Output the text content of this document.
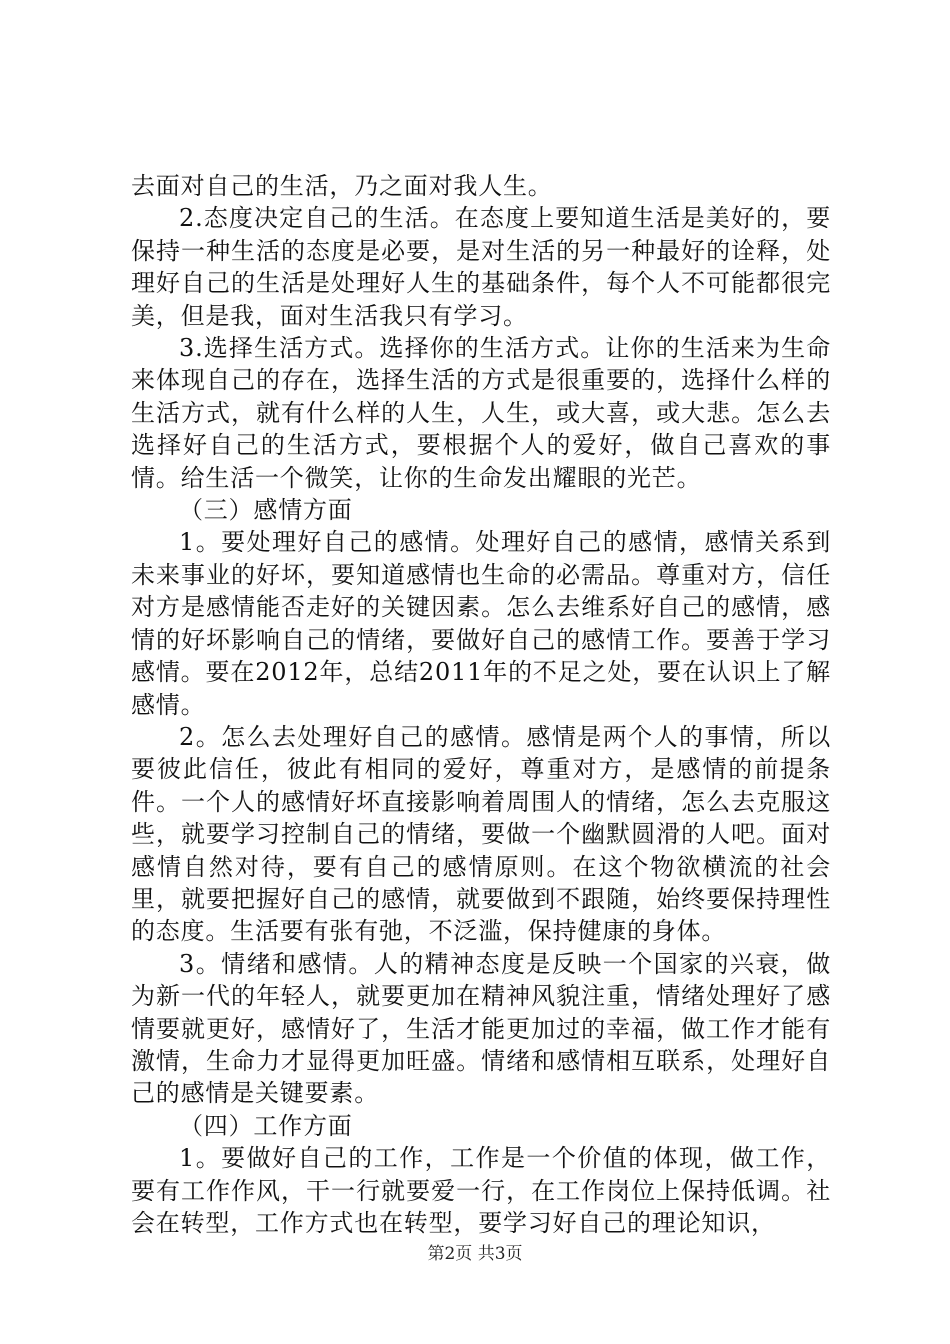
去面对自己的生活，乃之面对我人生。

2.态度决定自己的生活。在态度上要知道生活是美好的，要保持一种生活的态度是必要，是对生活的另一种最好的诠释，处理好自己的生活是处理好人生的基础条件，每个人不可能都很完美，但是我，面对生活我只有学习。

3.选择生活方式。选择你的生活方式。让你的生活来为生命来体现自己的存在，选择生活的方式是很重要的，选择什么样的生活方式，就有什么样的人生，人生，或大喜，或大悲。怎么去选择好自己的生活方式，要根据个人的爱好，做自己喜欢的事情。给生活一个微笑，让你的生命发出耀眼的光芒。

（三）感情方面

1。要处理好自己的感情。处理好自己的感情，感情关系到未来事业的好坏，要知道感情也生命的必需品。尊重对方，信任对方是感情能否走好的关键因素。怎么去维系好自己的感情，感情的好坏影响自己的情绪，要做好自己的感情工作。要善于学习感情。要在2012年，总结2011年的不足之处，要在认识上了解感情。

2。怎么去处理好自己的感情。感情是两个人的事情，所以要彼此信任，彼此有相同的爱好，尊重对方，是感情的前提条件。一个人的感情好坏直接影响着周围人的情绪，怎么去克服这些，就要学习控制自己的情绪，要做一个幽默圆滑的人吧。面对感情自然对待，要有自己的感情原则。在这个物欲横流的社会里，就要把握好自己的感情，就要做到不跟随，始终要保持理性的态度。生活要有张有弛，不泛滥，保持健康的身体。

3。情绪和感情。人的精神态度是反映一个国家的兴衰，做为新一代的年轻人，就要更加在精神风貌注重，情绪处理好了感情要就更好，感情好了，生活才能更加过的幸福，做工作才能有激情，生命力才显得更加旺盛。情绪和感情相互联系，处理好自己的感情是关键要素。

（四）工作方面

1。要做好自己的工作，工作是一个价值的体现，做工作，要有工作作风，干一行就要爱一行，在工作岗位上保持低调。社会在转型，工作方式也在转型，要学习好自己的理论知识，

第2页 共3页
